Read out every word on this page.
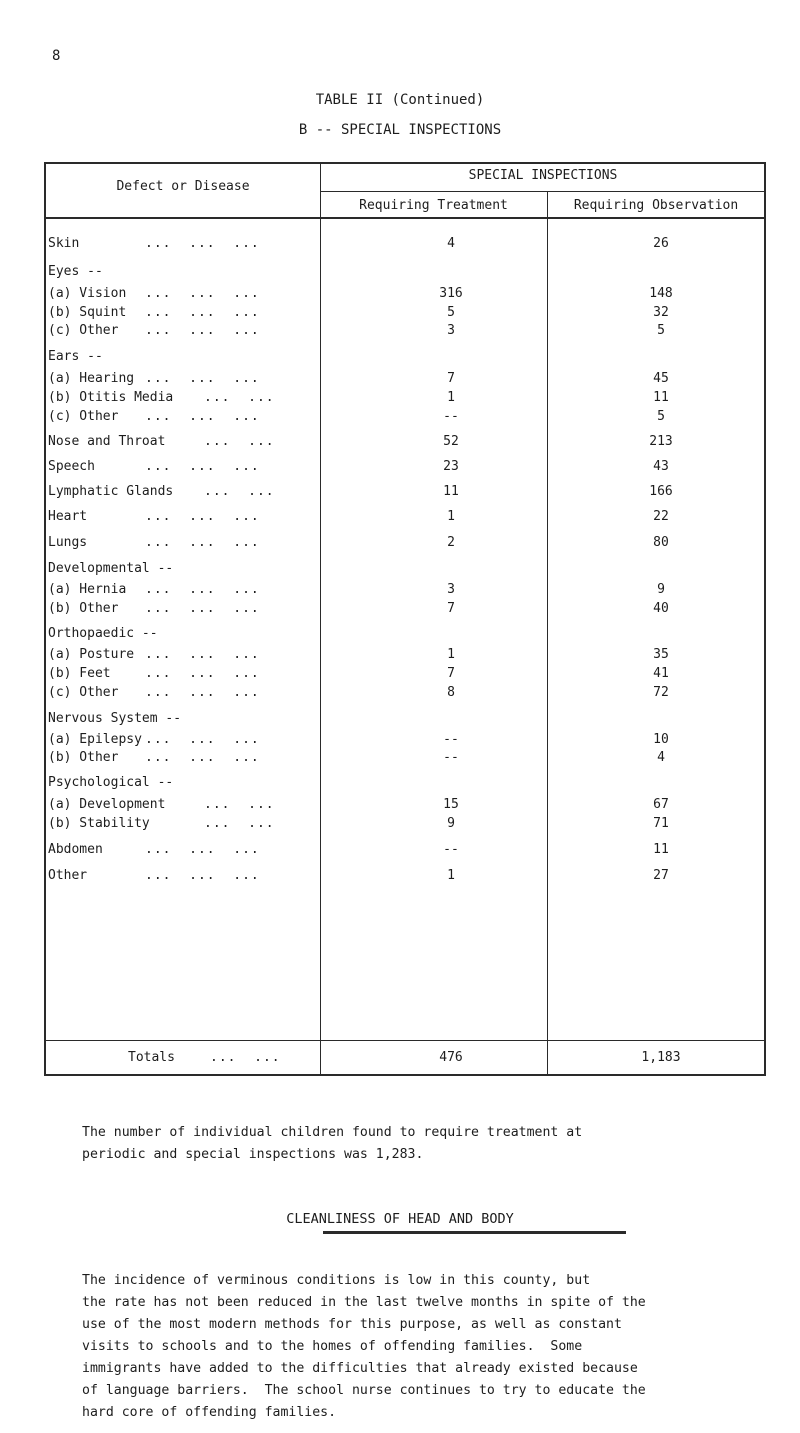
8
TABLE II (Continued)
B -- SPECIAL INSPECTIONS
Defect or Disease
SPECIAL INSPECTIONS
Requiring Treatment	Requiring Observation
Skin	...  ...  ...	4	26
Eyes --
(a) Vision ...  ...  ...	316	148
(b) Squint ...  ...  ...	5	32
(c) Other ...  ...  ...	3	5
Ears --
(a) Hearing ...  ...  ...	7	45
(b) Otitis Media ...  ...	1	11
(c) Other ...  ...  ...	--	5
Nose and Throat	...  ...	52	213
Speech	...  ...  ...	23	43
Lymphatic Glands ...  ...	11	166
Heart	...  ...  ...	1	22
Lungs	...  ...  ...	2	80
Developmental --
(a) Hernia ...  ...  ...	3	9
(b) Other ...  ...  ...	7	40
Orthopaedic --
(a) Posture ...  ...  ...	1	35
(b) Feet	...  ...  ...	7	41
(c) Other ...  ...  ...	8	72
Nervous System --
(a) Epilepsy ...  ...  ...	--	10
(b) Other ...  ...  ...	--	4
Psychological --
(a) Development	...  ...	15	67
(b) Stability	...  ...	9	71
Abdomen	...  ...  ...	--	11
Other	...  ...  ...	1	27
Totals	...  ...	476	1,183
The number of individual children found to require treatment at
periodic and special inspections was 1,283.
CLEANLINESS OF HEAD AND BODY
The incidence of verminous conditions is low in this county, but
the rate has not been reduced in the last twelve months in spite of the
use of the most modern methods for this purpose, as well as constant
visits to schools and to the homes of offending families.  Some
immigrants have added to the difficulties that already existed because
of language barriers.  The school nurse continues to try to educate the
hard core of offending families.
